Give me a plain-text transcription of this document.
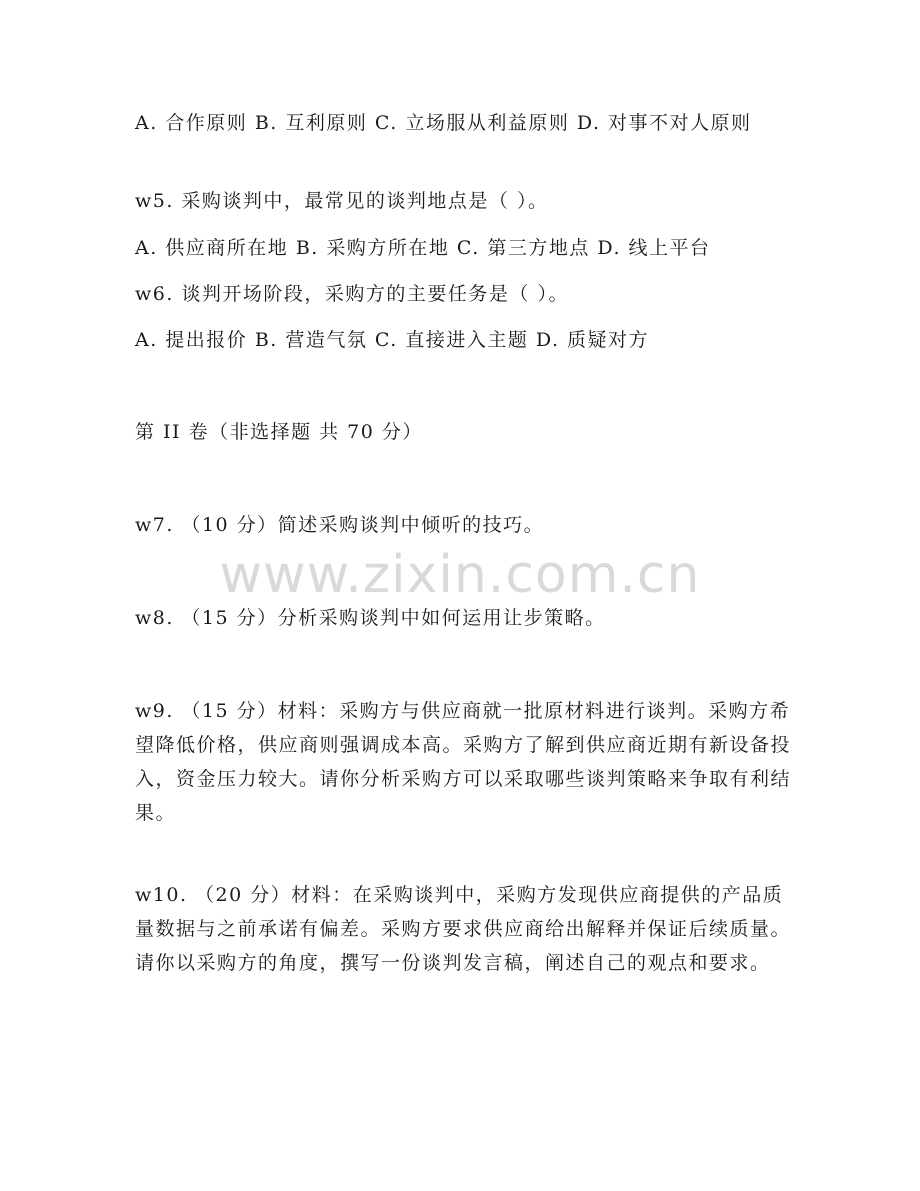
A. 合作原则 B. 互利原则 C. 立场服从利益原则 D. 对事不对人原则
w5. 采购谈判中，最常见的谈判地点是（ ）。
A. 供应商所在地 B. 采购方所在地 C. 第三方地点 D. 线上平台
w6. 谈判开场阶段，采购方的主要任务是（ ）。
A. 提出报价 B. 营造气氛 C. 直接进入主题 D. 质疑对方
第 II 卷（非选择题 共 70 分）
w7. （10 分）简述采购谈判中倾听的技巧。
www.zixin.com.cn
w8. （15 分）分析采购谈判中如何运用让步策略。
w9. （15 分）材料：采购方与供应商就一批原材料进行谈判。采购方希望降低价格，供应商则强调成本高。采购方了解到供应商近期有新设备投入，资金压力较大。请你分析采购方可以采取哪些谈判策略来争取有利结果。
w10. （20 分）材料：在采购谈判中，采购方发现供应商提供的产品质量数据与之前承诺有偏差。采购方要求供应商给出解释并保证后续质量。请你以采购方的角度，撰写一份谈判发言稿，阐述自己的观点和要求。
